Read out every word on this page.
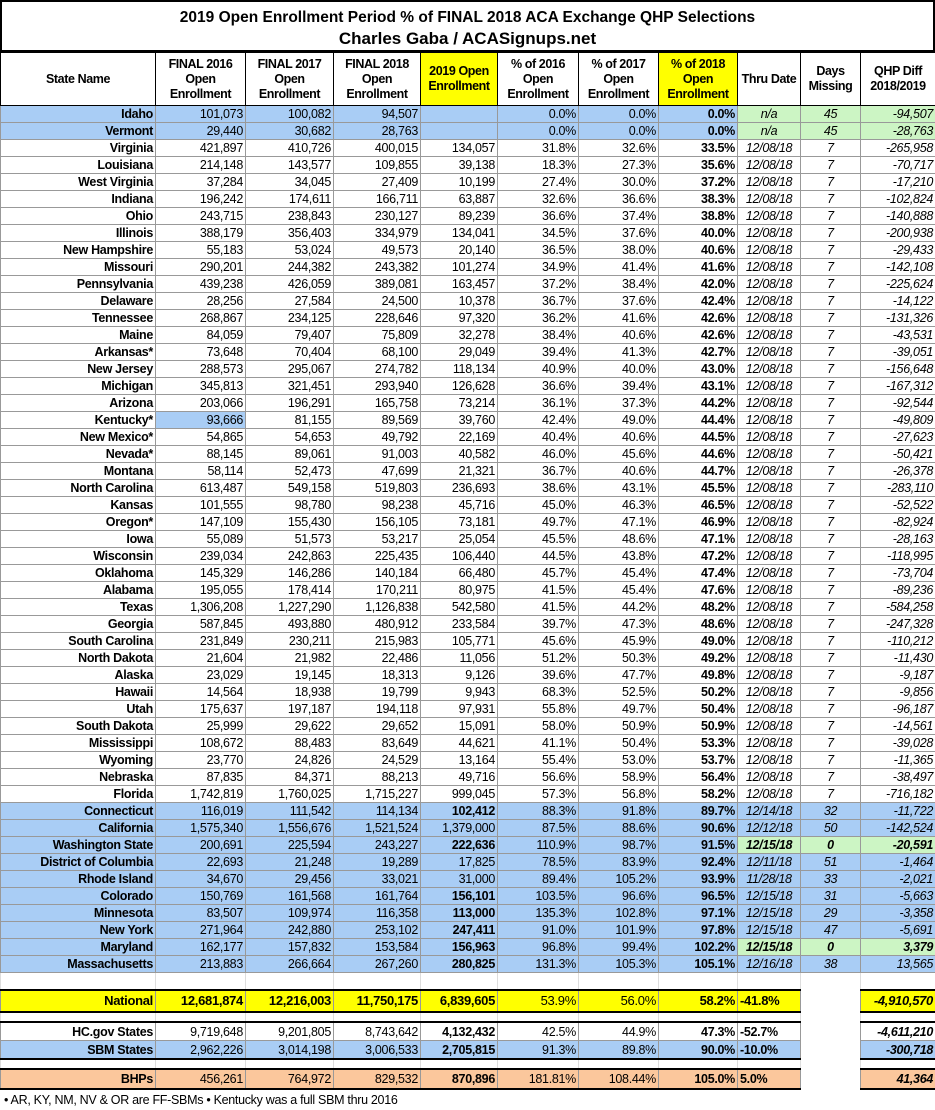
2019 Open Enrollment Period % of FINAL 2018 ACA Exchange QHP Selections
Charles Gaba / ACASignups.net
State Name	FINAL 2016 Open Enrollment	FINAL 2017 Open Enrollment	FINAL 2018 Open Enrollment	2019 Open Enrollment	% of 2016 Open Enrollment	% of 2017 Open Enrollment	% of 2018 Open Enrollment	Thru Date	Days Missing	QHP Diff 2018/2019
Idaho	101,073	100,082	94,507		0.0%	0.0%	0.0%	n/a	45	-94,507
Vermont	29,440	30,682	28,763		0.0%	0.0%	0.0%	n/a	45	-28,763
Virginia	421,897	410,726	400,015	134,057	31.8%	32.6%	33.5%	12/08/18	7	-265,958
Louisiana	214,148	143,577	109,855	39,138	18.3%	27.3%	35.6%	12/08/18	7	-70,717
West Virginia	37,284	34,045	27,409	10,199	27.4%	30.0%	37.2%	12/08/18	7	-17,210
Indiana	196,242	174,611	166,711	63,887	32.6%	36.6%	38.3%	12/08/18	7	-102,824
Ohio	243,715	238,843	230,127	89,239	36.6%	37.4%	38.8%	12/08/18	7	-140,888
Illinois	388,179	356,403	334,979	134,041	34.5%	37.6%	40.0%	12/08/18	7	-200,938
New Hampshire	55,183	53,024	49,573	20,140	36.5%	38.0%	40.6%	12/08/18	7	-29,433
Missouri	290,201	244,382	243,382	101,274	34.9%	41.4%	41.6%	12/08/18	7	-142,108
Pennsylvania	439,238	426,059	389,081	163,457	37.2%	38.4%	42.0%	12/08/18	7	-225,624
Delaware	28,256	27,584	24,500	10,378	36.7%	37.6%	42.4%	12/08/18	7	-14,122
Tennessee	268,867	234,125	228,646	97,320	36.2%	41.6%	42.6%	12/08/18	7	-131,326
Maine	84,059	79,407	75,809	32,278	38.4%	40.6%	42.6%	12/08/18	7	-43,531
Arkansas*	73,648	70,404	68,100	29,049	39.4%	41.3%	42.7%	12/08/18	7	-39,051
New Jersey	288,573	295,067	274,782	118,134	40.9%	40.0%	43.0%	12/08/18	7	-156,648
Michigan	345,813	321,451	293,940	126,628	36.6%	39.4%	43.1%	12/08/18	7	-167,312
Arizona	203,066	196,291	165,758	73,214	36.1%	37.3%	44.2%	12/08/18	7	-92,544
Kentucky*	93,666	81,155	89,569	39,760	42.4%	49.0%	44.4%	12/08/18	7	-49,809
New Mexico*	54,865	54,653	49,792	22,169	40.4%	40.6%	44.5%	12/08/18	7	-27,623
Nevada*	88,145	89,061	91,003	40,582	46.0%	45.6%	44.6%	12/08/18	7	-50,421
Montana	58,114	52,473	47,699	21,321	36.7%	40.6%	44.7%	12/08/18	7	-26,378
North Carolina	613,487	549,158	519,803	236,693	38.6%	43.1%	45.5%	12/08/18	7	-283,110
Kansas	101,555	98,780	98,238	45,716	45.0%	46.3%	46.5%	12/08/18	7	-52,522
Oregon*	147,109	155,430	156,105	73,181	49.7%	47.1%	46.9%	12/08/18	7	-82,924
Iowa	55,089	51,573	53,217	25,054	45.5%	48.6%	47.1%	12/08/18	7	-28,163
Wisconsin	239,034	242,863	225,435	106,440	44.5%	43.8%	47.2%	12/08/18	7	-118,995
Oklahoma	145,329	146,286	140,184	66,480	45.7%	45.4%	47.4%	12/08/18	7	-73,704
Alabama	195,055	178,414	170,211	80,975	41.5%	45.4%	47.6%	12/08/18	7	-89,236
Texas	1,306,208	1,227,290	1,126,838	542,580	41.5%	44.2%	48.2%	12/08/18	7	-584,258
Georgia	587,845	493,880	480,912	233,584	39.7%	47.3%	48.6%	12/08/18	7	-247,328
South Carolina	231,849	230,211	215,983	105,771	45.6%	45.9%	49.0%	12/08/18	7	-110,212
North Dakota	21,604	21,982	22,486	11,056	51.2%	50.3%	49.2%	12/08/18	7	-11,430
Alaska	23,029	19,145	18,313	9,126	39.6%	47.7%	49.8%	12/08/18	7	-9,187
Hawaii	14,564	18,938	19,799	9,943	68.3%	52.5%	50.2%	12/08/18	7	-9,856
Utah	175,637	197,187	194,118	97,931	55.8%	49.7%	50.4%	12/08/18	7	-96,187
South Dakota	25,999	29,622	29,652	15,091	58.0%	50.9%	50.9%	12/08/18	7	-14,561
Mississippi	108,672	88,483	83,649	44,621	41.1%	50.4%	53.3%	12/08/18	7	-39,028
Wyoming	23,770	24,826	24,529	13,164	55.4%	53.0%	53.7%	12/08/18	7	-11,365
Nebraska	87,835	84,371	88,213	49,716	56.6%	58.9%	56.4%	12/08/18	7	-38,497
Florida	1,742,819	1,760,025	1,715,227	999,045	57.3%	56.8%	58.2%	12/08/18	7	-716,182
Connecticut	116,019	111,542	114,134	102,412	88.3%	91.8%	89.7%	12/14/18	32	-11,722
California	1,575,340	1,556,676	1,521,524	1,379,000	87.5%	88.6%	90.6%	12/12/18	50	-142,524
Washington State	200,691	225,594	243,227	222,636	110.9%	98.7%	91.5%	12/15/18	0	-20,591
District of Columbia	22,693	21,248	19,289	17,825	78.5%	83.9%	92.4%	12/11/18	51	-1,464
Rhode Island	34,670	29,456	33,021	31,000	89.4%	105.2%	93.9%	11/28/18	33	-2,021
Colorado	150,769	161,568	161,764	156,101	103.5%	96.6%	96.5%	12/15/18	31	-5,663
Minnesota	83,507	109,974	116,358	113,000	135.3%	102.8%	97.1%	12/15/18	29	-3,358
New York	271,964	242,880	253,102	247,411	91.0%	101.9%	97.8%	12/15/18	47	-5,691
Maryland	162,177	157,832	153,584	156,963	96.8%	99.4%	102.2%	12/15/18	0	3,379
Massachusetts	213,883	266,664	267,260	280,825	131.3%	105.3%	105.1%	12/16/18	38	13,565

National	12,681,874	12,216,003	11,750,175	6,839,605	53.9%	56.0%	58.2%	-41.8%		-4,910,570

HC.gov States	9,719,648	9,201,805	8,743,642	4,132,432	42.5%	44.9%	47.3%	-52.7%		-4,611,210
SBM States	2,962,226	3,014,198	3,006,533	2,705,815	91.3%	89.8%	90.0%	-10.0%		-300,718

BHPs	456,261	764,972	829,532	870,896	181.81%	108.44%	105.0%	5.0%		41,364
• AR, KY, NM, NV & OR are FF-SBMs • Kentucky was a full SBM thru 2016
